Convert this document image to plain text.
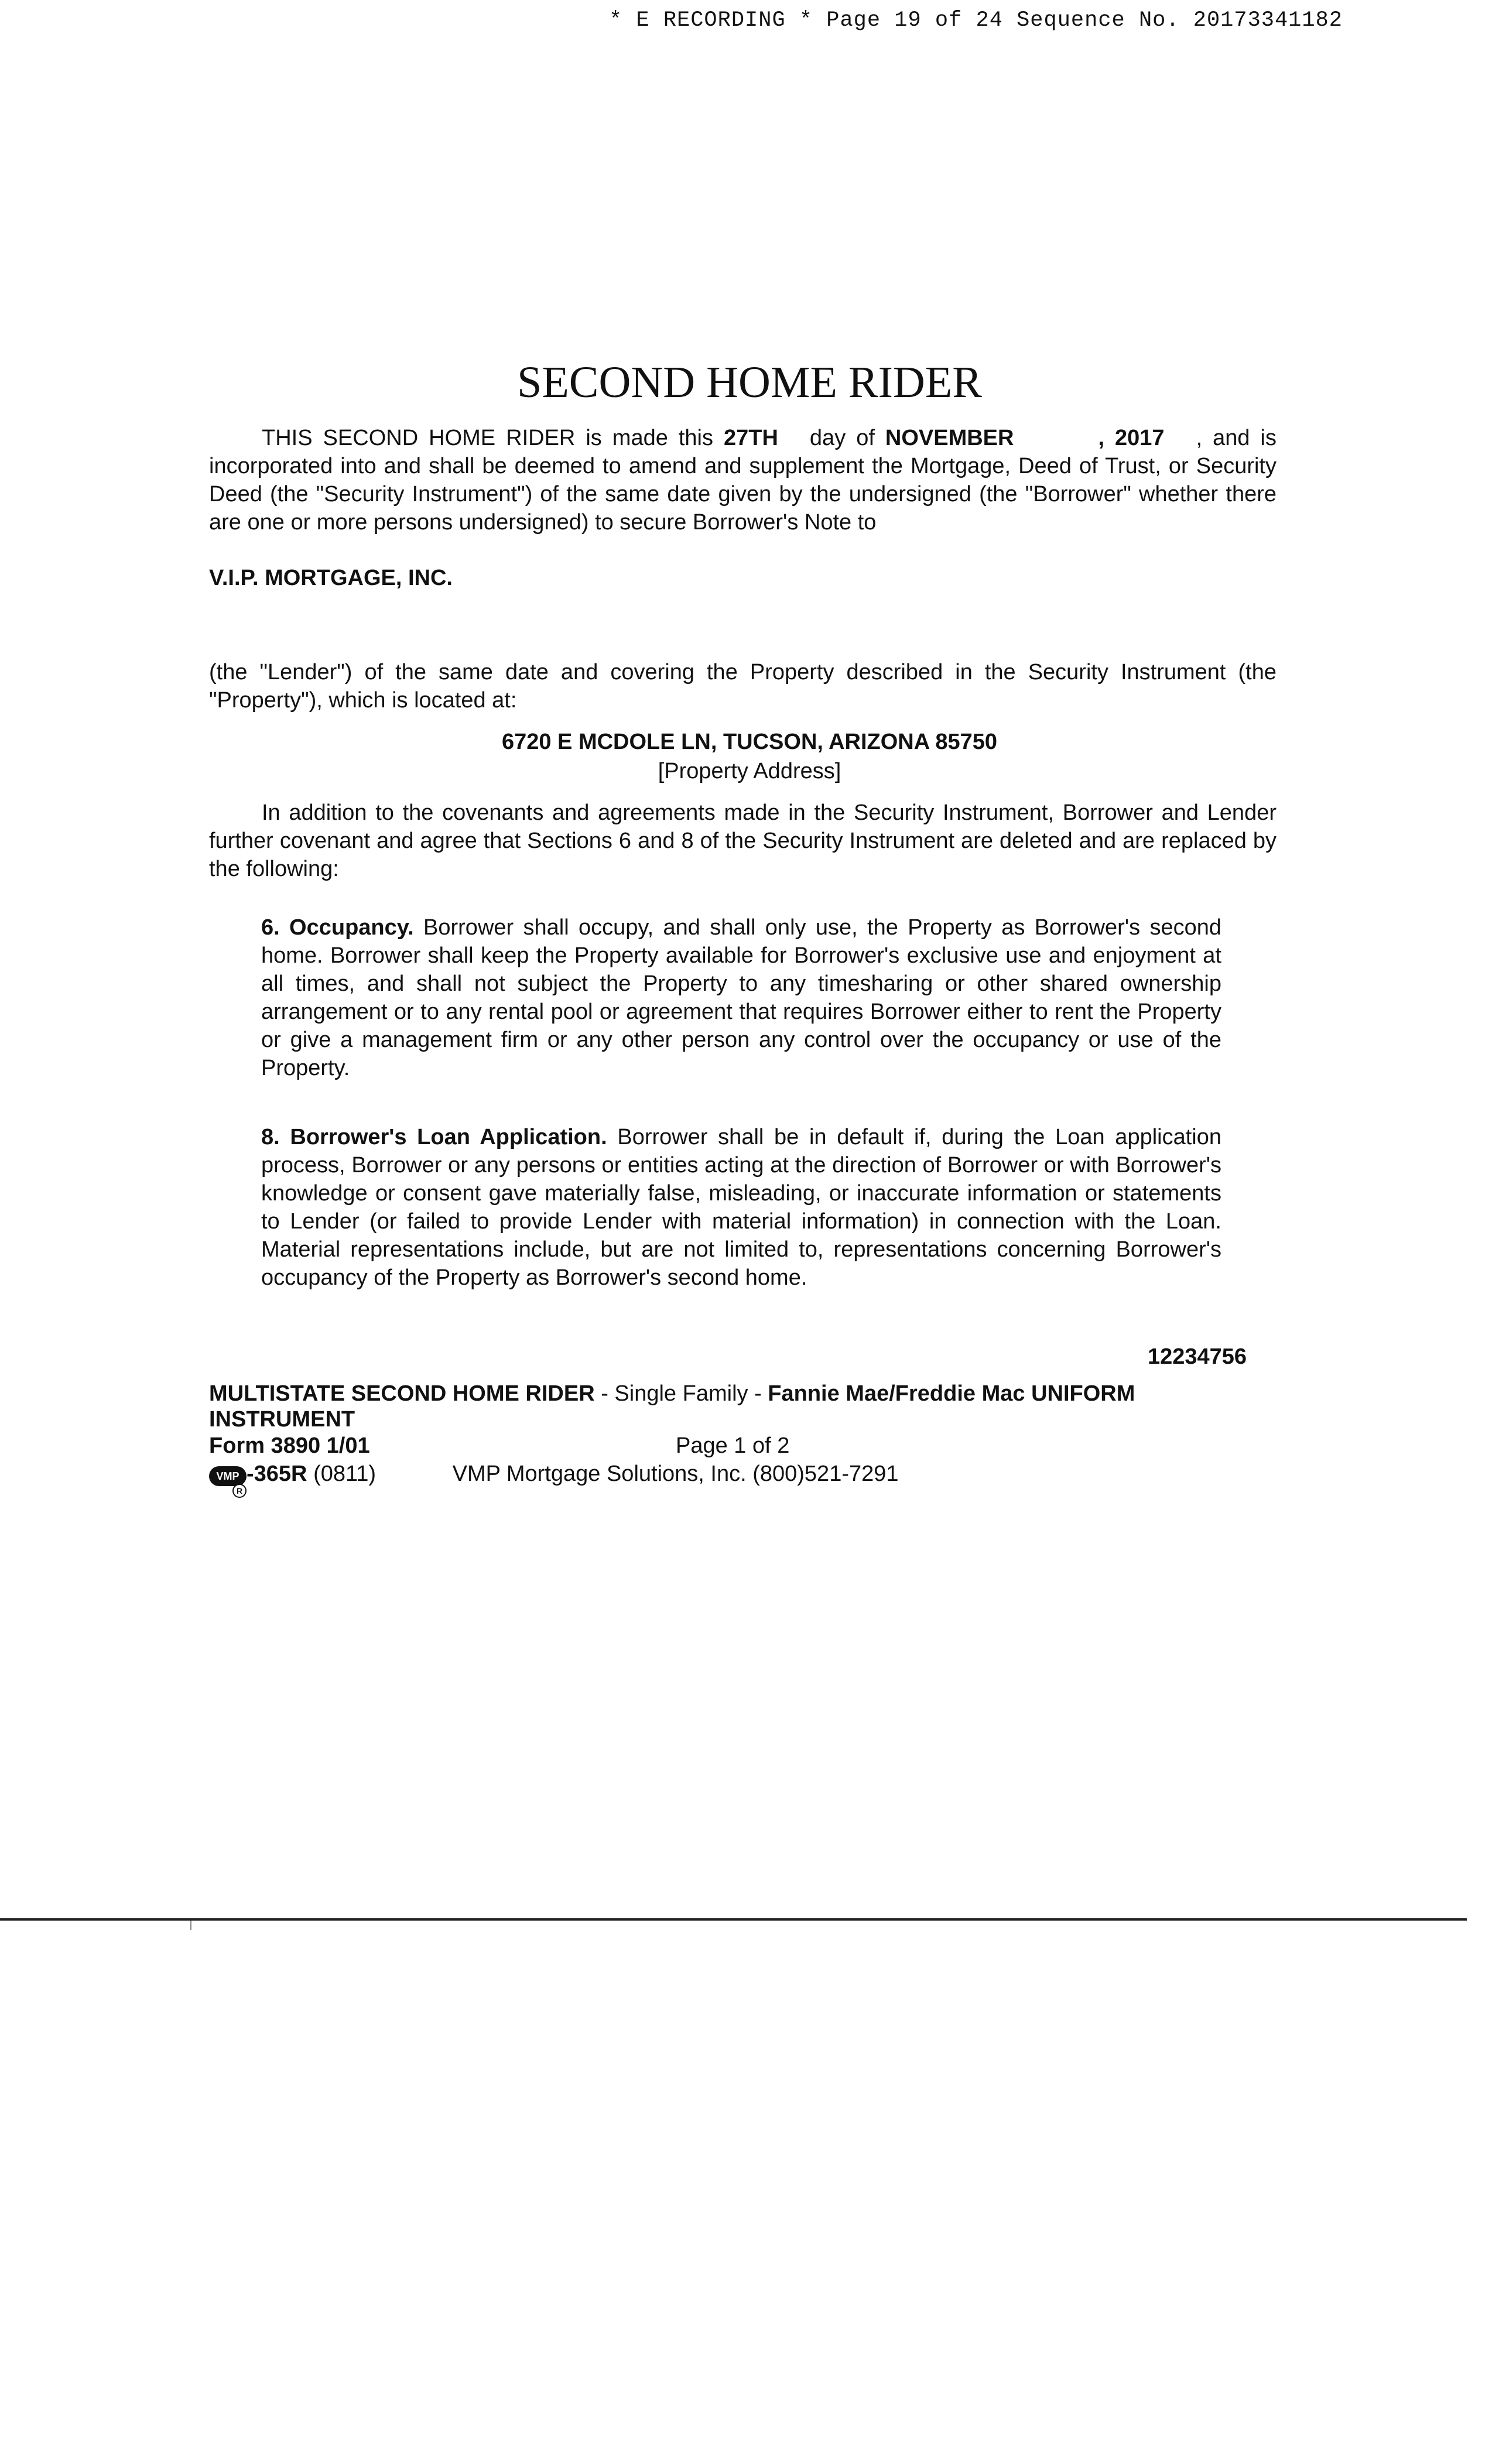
* E RECORDING * Page 19 of 24 Sequence No. 20173341182
SECOND HOME RIDER
THIS SECOND HOME RIDER is made this 27TH day of NOVEMBER	, 2017 , and is incorporated into and shall be deemed to amend and supplement the Mortgage, Deed of Trust, or Security Deed (the "Security Instrument") of the same date given by the undersigned (the "Borrower" whether there are one or more persons undersigned) to secure Borrower's Note to
V.I.P. MORTGAGE, INC.
(the "Lender") of the same date and covering the Property described in the Security Instrument (the "Property"), which is located at:
6720 E MCDOLE LN, TUCSON, ARIZONA 85750
[Property Address]
In addition to the covenants and agreements made in the Security Instrument, Borrower and Lender further covenant and agree that Sections 6 and 8 of the Security Instrument are deleted and are replaced by the following:
6. Occupancy. Borrower shall occupy, and shall only use, the Property as Borrower's second home. Borrower shall keep the Property available for Borrower's exclusive use and enjoyment at all times, and shall not subject the Property to any timesharing or other shared ownership arrangement or to any rental pool or agreement that requires Borrower either to rent the Property or give a management firm or any other person any control over the occupancy or use of the Property.
8. Borrower's Loan Application. Borrower shall be in default if, during the Loan application process, Borrower or any persons or entities acting at the direction of Borrower or with Borrower's knowledge or consent gave materially false, misleading, or inaccurate information or statements to Lender (or failed to provide Lender with material information) in connection with the Loan. Material representations include, but are not limited to, representations concerning Borrower's occupancy of the Property as Borrower's second home.
12234756
MULTISTATE SECOND HOME RIDER - Single Family - Fannie Mae/Freddie Mac UNIFORM INSTRUMENT
Form 3890 1/01	Page 1 of 2
VMP
R
-365R (0811)	VMP Mortgage Solutions, Inc. (800)521-7291
